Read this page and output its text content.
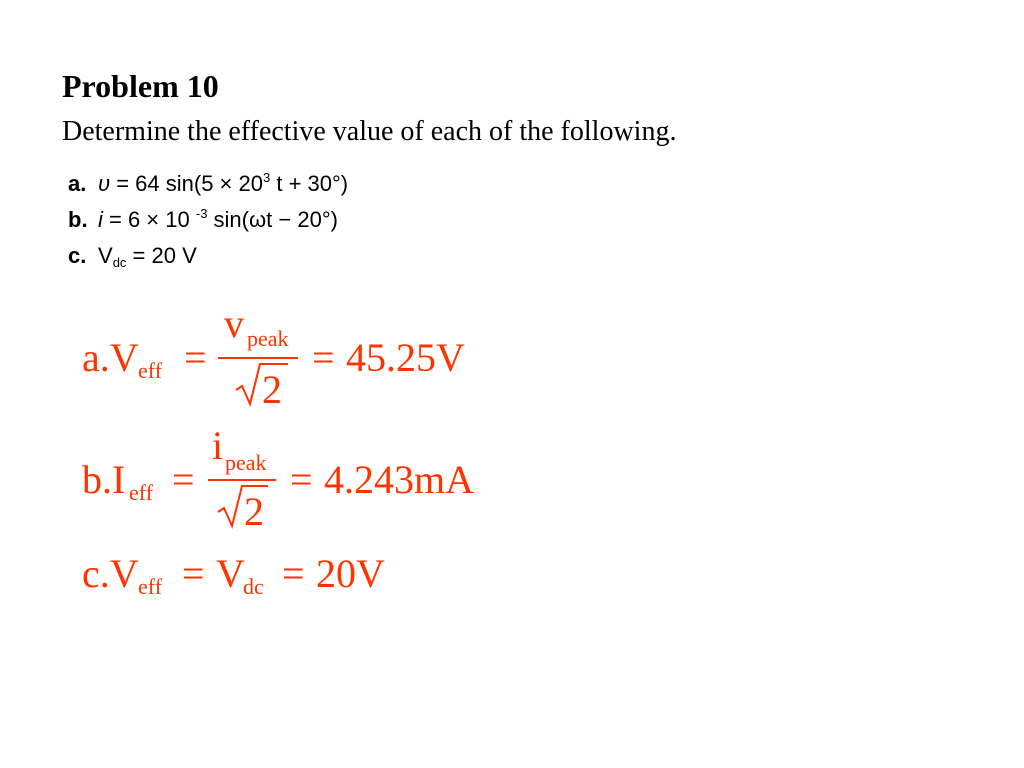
Problem 10
Determine the effective value of each of the following.
a. υ = 64 $\sin(5 \times 20^3$ t + 30°)
b. i = 6 × 10 $^{-3}$ sin(ωt − 20°)
c. $V_{dc} = 20$ V
a.V eff =
v peak
2
= 45.25V
b.I eff =
i peak
2
= 4.243mA
c.V eff = V
dc = 20V
